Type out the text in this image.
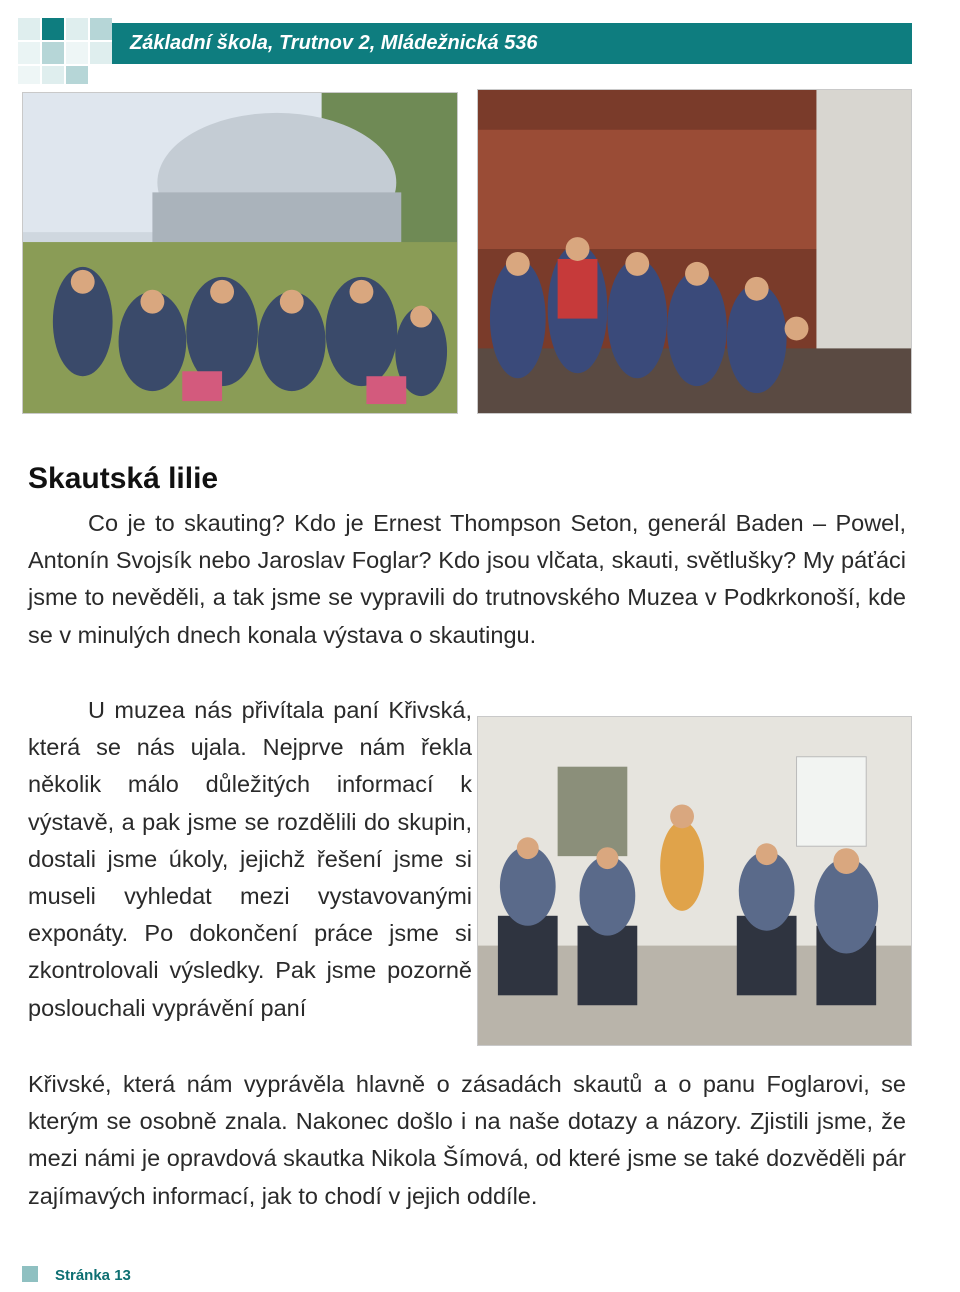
Základní škola, Trutnov 2, Mládežnická 536
Skautská lilie

Co je to skauting? Kdo je Ernest Thompson Seton, generál Baden – Powel, Antonín Svojsík nebo Jaroslav Foglar? Kdo jsou vlčata, skauti, světlušky? My páťáci jsme to nevěděli, a tak jsme se vypravili do trutnovského Muzea v Podkrkonoší, kde se v minulých dnech konala výstava o skautingu.

U muzea nás přivítala paní Křivská, která se nás ujala. Nejprve nám řekla několik málo důležitých informací k výstavě, a pak jsme se rozdělili do skupin, dostali jsme úkoly, jejichž řešení jsme si museli vyhledat mezi vystavovanými exponáty. Po dokončení práce jsme si zkontrolovali výsledky. Pak jsme pozorně poslouchali vyprávění paní

Křivské, která nám vyprávěla hlavně o zásadách skautů a o panu Foglarovi, se kterým se osobně znala. Nakonec došlo i na naše dotazy a názory. Zjistili jsme, že mezi námi je opravdová skautka Nikola Šímová, od které jsme se také dozvěděli pár zajímavých informací, jak to chodí v jejich oddíle.

Stránka 13
